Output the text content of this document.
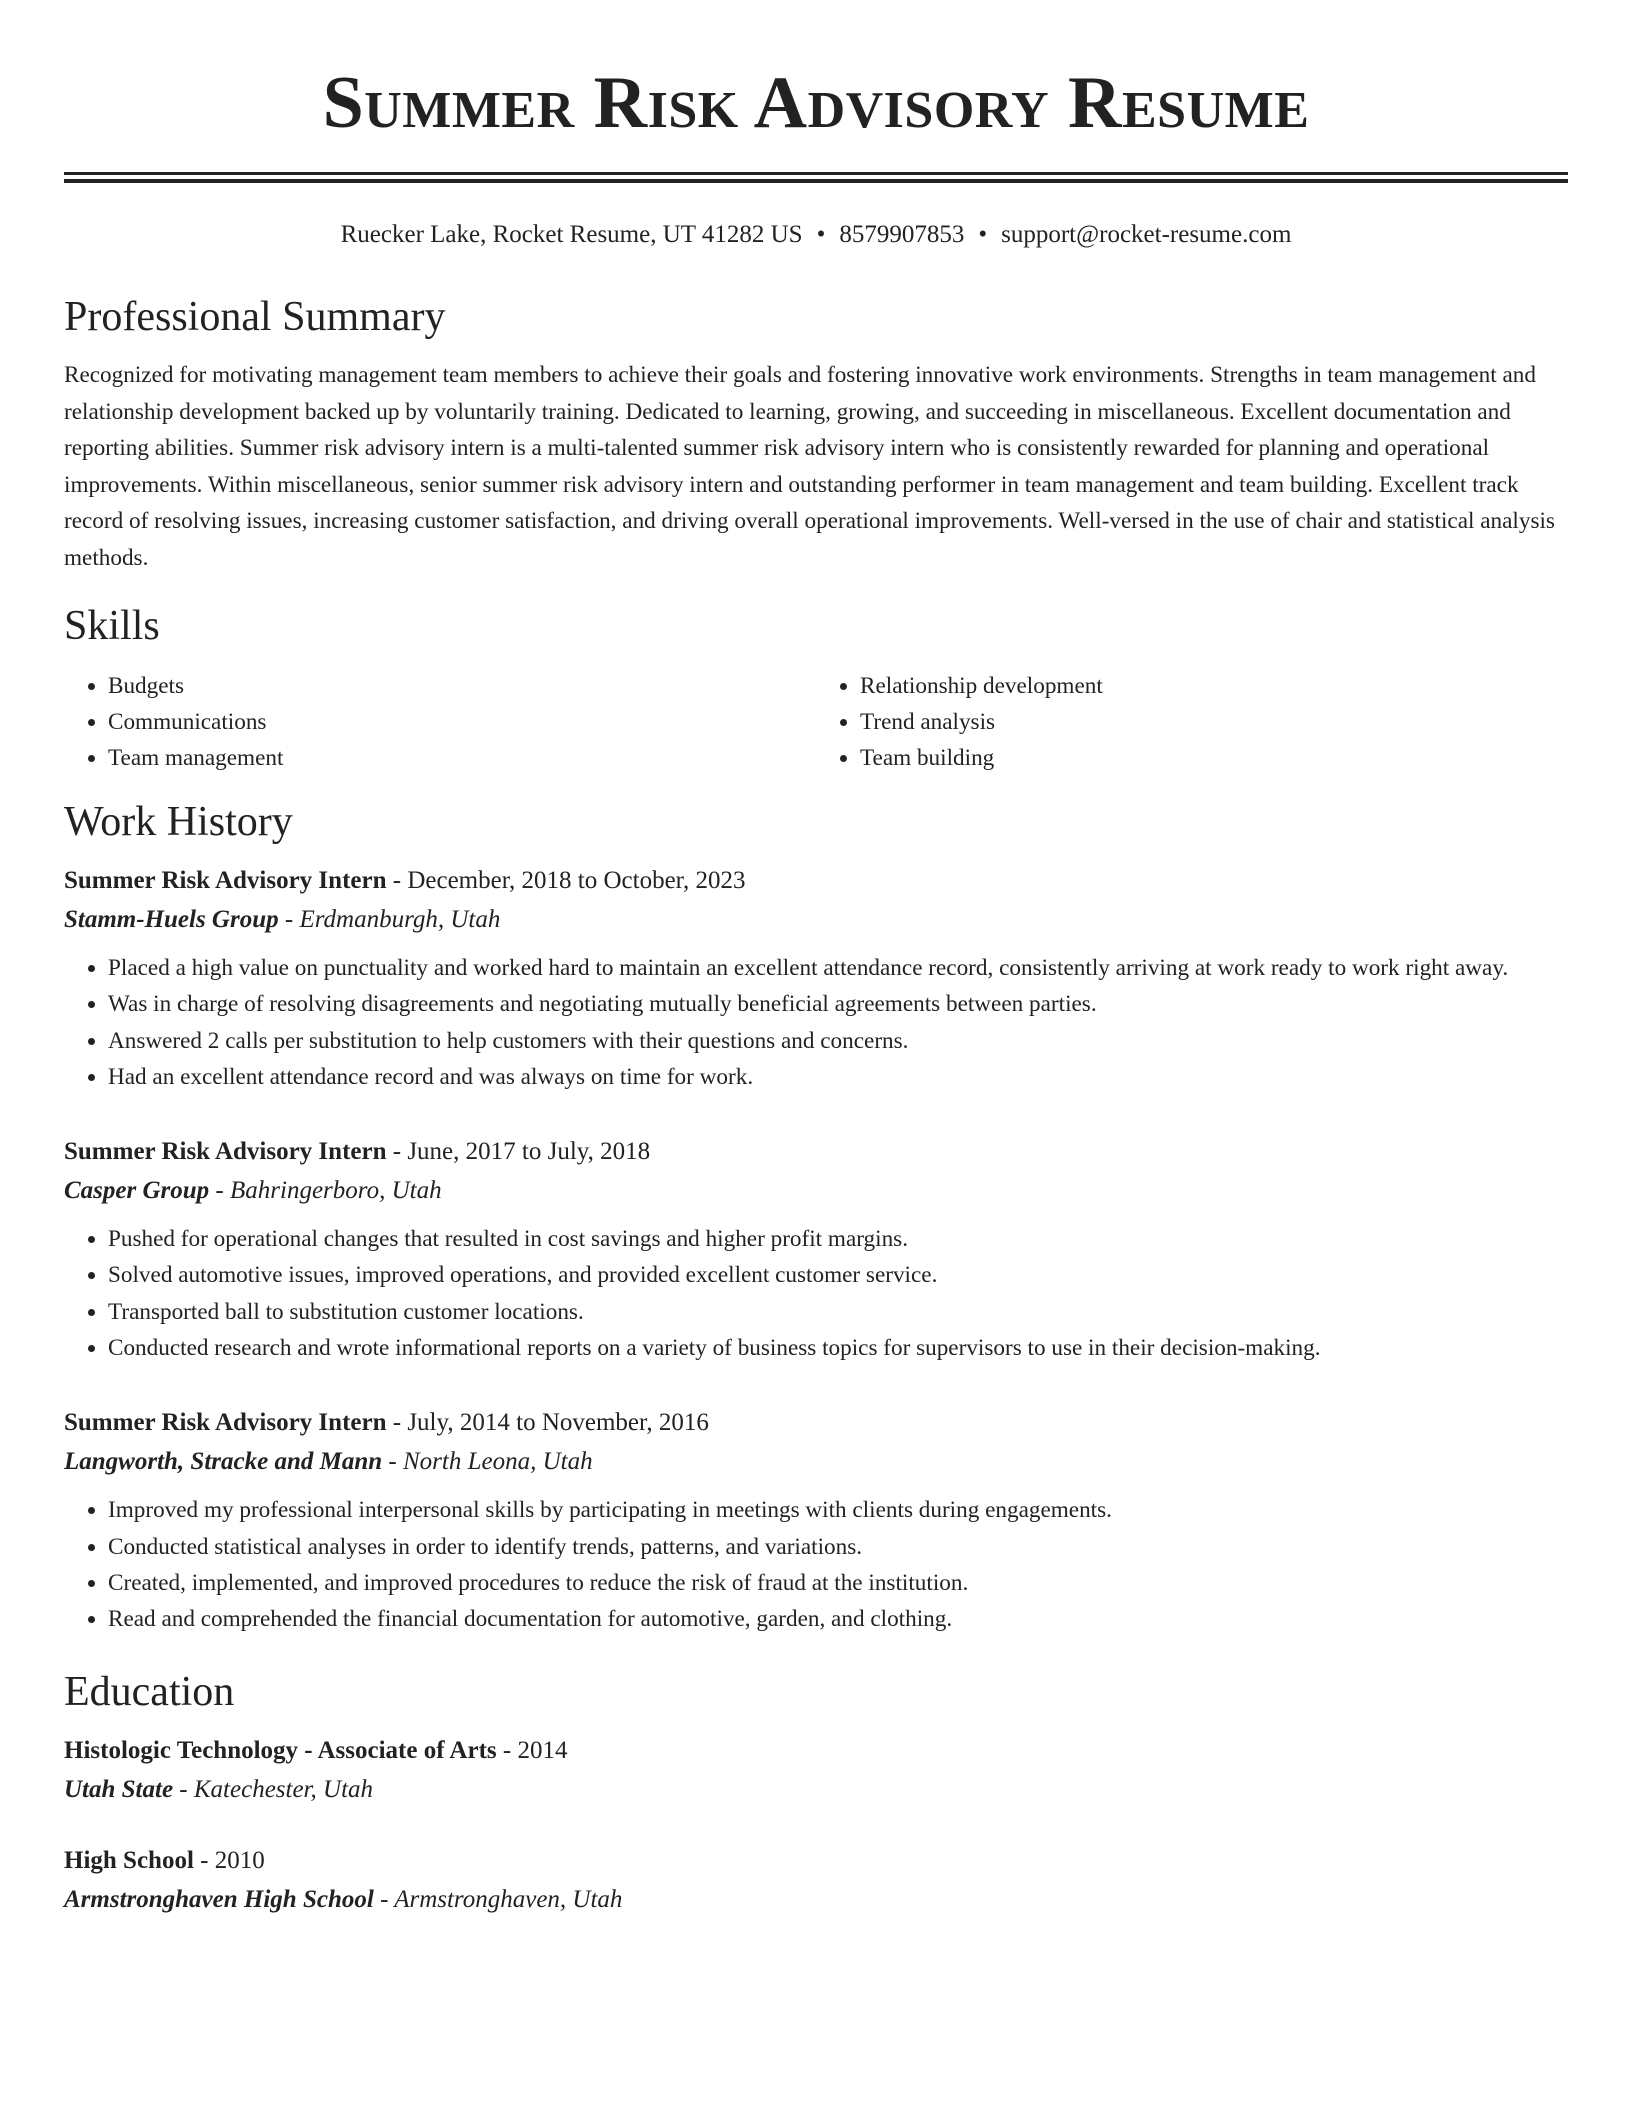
Summer Risk Advisory Resume
Ruecker Lake, Rocket Resume, UT 41282 US • 8579907853 • support@rocket-resume.com
Professional Summary

Recognized for motivating management team members to achieve their goals and fostering innovative work environments. Strengths in team management and relationship development backed up by voluntarily training. Dedicated to learning, growing, and succeeding in miscellaneous. Excellent documentation and reporting abilities. Summer risk advisory intern is a multi-talented summer risk advisory intern who is consistently rewarded for planning and operational improvements. Within miscellaneous, senior summer risk advisory intern and outstanding performer in team management and team building. Excellent track record of resolving issues, increasing customer satisfaction, and driving overall operational improvements. Well-versed in the use of chair and statistical analysis methods.

Skills
• Budgets
• Communications
• Team management
• Relationship development
• Trend analysis
• Team building
Work History
Summer Risk Advisory Intern - December, 2018 to October, 2023
Stamm-Huels Group - Erdmanburgh, Utah
• Placed a high value on punctuality and worked hard to maintain an excellent attendance record, consistently arriving at work ready to work right away.
• Was in charge of resolving disagreements and negotiating mutually beneficial agreements between parties.
• Answered 2 calls per substitution to help customers with their questions and concerns.
• Had an excellent attendance record and was always on time for work.
Summer Risk Advisory Intern - June, 2017 to July, 2018
Casper Group - Bahringerboro, Utah
• Pushed for operational changes that resulted in cost savings and higher profit margins.
• Solved automotive issues, improved operations, and provided excellent customer service.
• Transported ball to substitution customer locations.
• Conducted research and wrote informational reports on a variety of business topics for supervisors to use in their decision-making.
Summer Risk Advisory Intern - July, 2014 to November, 2016
Langworth, Stracke and Mann - North Leona, Utah
• Improved my professional interpersonal skills by participating in meetings with clients during engagements.
• Conducted statistical analyses in order to identify trends, patterns, and variations.
• Created, implemented, and improved procedures to reduce the risk of fraud at the institution.
• Read and comprehended the financial documentation for automotive, garden, and clothing.
Education
Histologic Technology - Associate of Arts - 2014
Utah State - Katechester, Utah
High School - 2010
Armstronghaven High School - Armstronghaven, Utah
